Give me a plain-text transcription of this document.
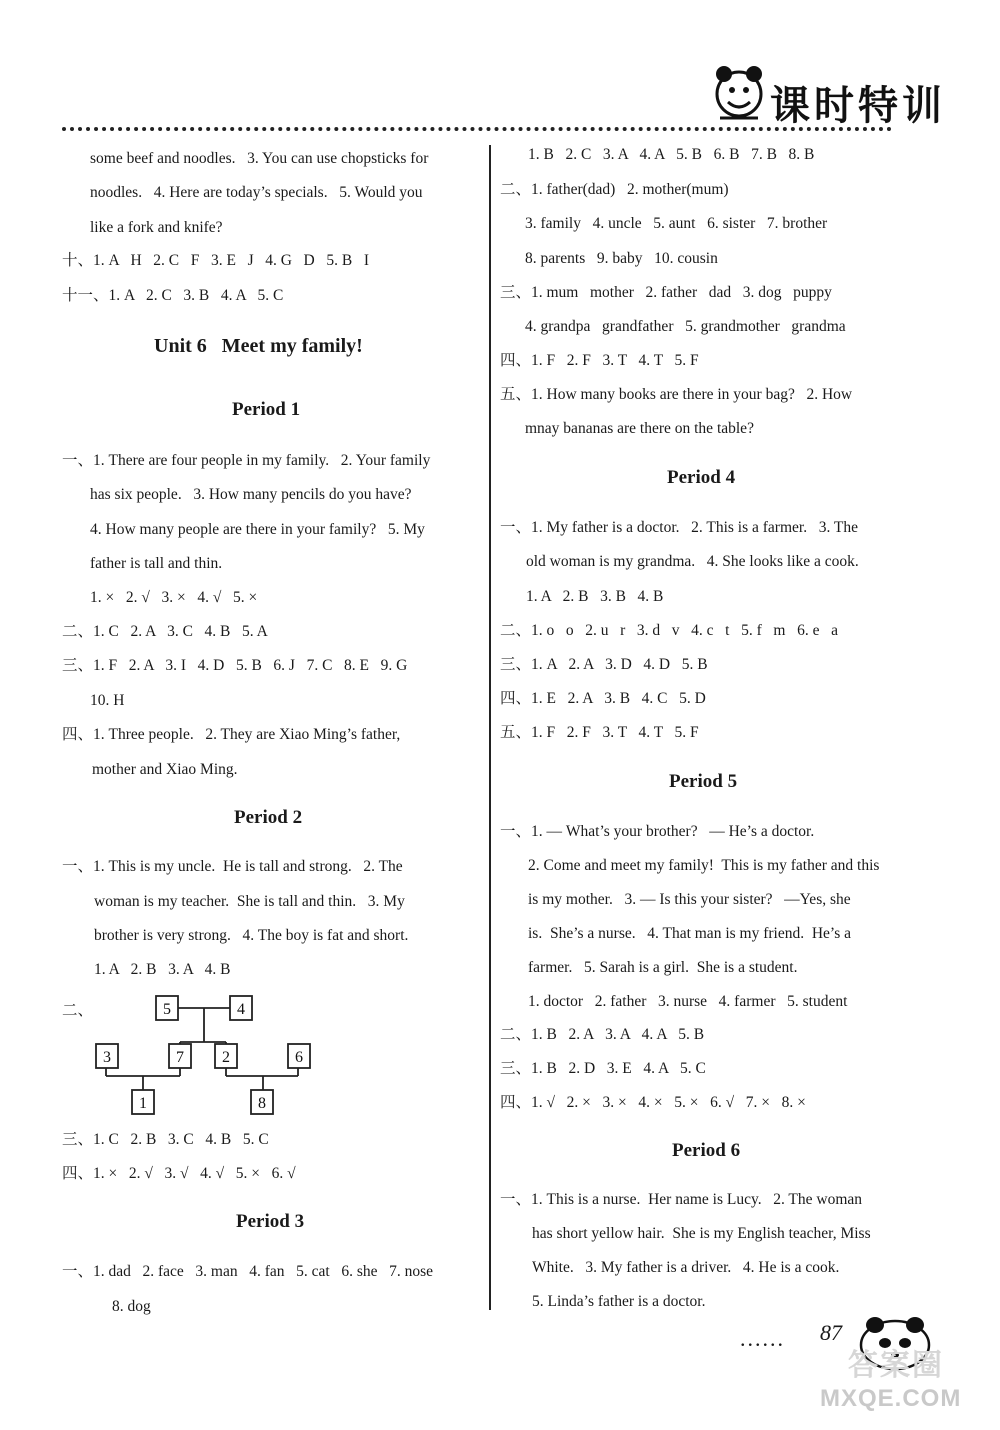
课时特训
some beef and noodles.   3. You can use chopsticks for
noodles.   4. Here are today’s specials.   5. Would you
like a fork and knife?
十、1. A   H   2. C   F   3. E   J   4. G   D   5. B   I
十一、1. A   2. C   3. B   4. A   5. C
Unit 6   Meet my family!
Period 1
一、1. There are four people in my family.   2. Your family
has six people.   3. How many pencils do you have?
4. How many people are there in your family?   5. My
father is tall and thin.
1. ×   2. √   3. ×   4. √   5. ×
二、1. C   2. A   3. C   4. B   5. A
三、1. F   2. A   3. I   4. D   5. B   6. J   7. C   8. E   9. G
10. H
四、1. Three people.   2. They are Xiao Ming’s father,
mother and Xiao Ming.
Period 2
一、1. This is my uncle.  He is tall and strong.   2. The
woman is my teacher.  She is tall and thin.   3. My
brother is very strong.   4. The boy is fat and short.
1. A   2. B   3. A   4. B
二、
三、1. C   2. B   3. C   4. B   5. C
四、1. ×   2. √   3. √   4. √   5. ×   6. √
Period 3
一、1. dad   2. face   3. man   4. fan   5. cat   6. she   7. nose
8. dog
5	4
3	7 2	6
1	8
1. B   2. C   3. A   4. A   5. B   6. B   7. B   8. B
二、1. father(dad)   2. mother(mum)
3. family   4. uncle   5. aunt   6. sister   7. brother
8. parents   9. baby   10. cousin
三、1. mum   mother   2. father   dad   3. dog   puppy
4. grandpa   grandfather   5. grandmother   grandma
四、1. F   2. F   3. T   4. T   5. F
五、1. How many books are there in your bag?   2. How
mnay bananas are there on the table?
Period 4
一、1. My father is a doctor.   2. This is a farmer.   3. The
old woman is my grandma.   4. She looks like a cook.
1. A   2. B   3. B   4. B
二、1. o   o   2. u   r   3. d   v   4. c   t   5. f   m   6. e   a
三、1. A   2. A   3. D   4. D   5. B
四、1. E   2. A   3. B   4. C   5. D
五、1. F   2. F   3. T   4. T   5. F
Period 5
一、1. — What’s your brother?   — He’s a doctor.
2. Come and meet my family!  This is my father and this
is my mother.   3. — Is this your sister?   —Yes, she
is.  She’s a nurse.   4. That man is my friend.  He’s a
farmer.   5. Sarah is a girl.  She is a student.
1. doctor   2. father   3. nurse   4. farmer   5. student
二、1. B   2. A   3. A   4. A   5. B
三、1. B   2. D   3. E   4. A   5. C
四、1. √   2. ×   3. ×   4. ×   5. ×   6. √   7. ×   8. ×
Period 6
一、1. This is a nurse.  Her name is Lucy.   2. The woman
has short yellow hair.  She is my English teacher, Miss
White.   3. My father is a driver.   4. He is a cook.
5. Linda’s father is a doctor.
...... 87
答案圈
MXQE.COM
